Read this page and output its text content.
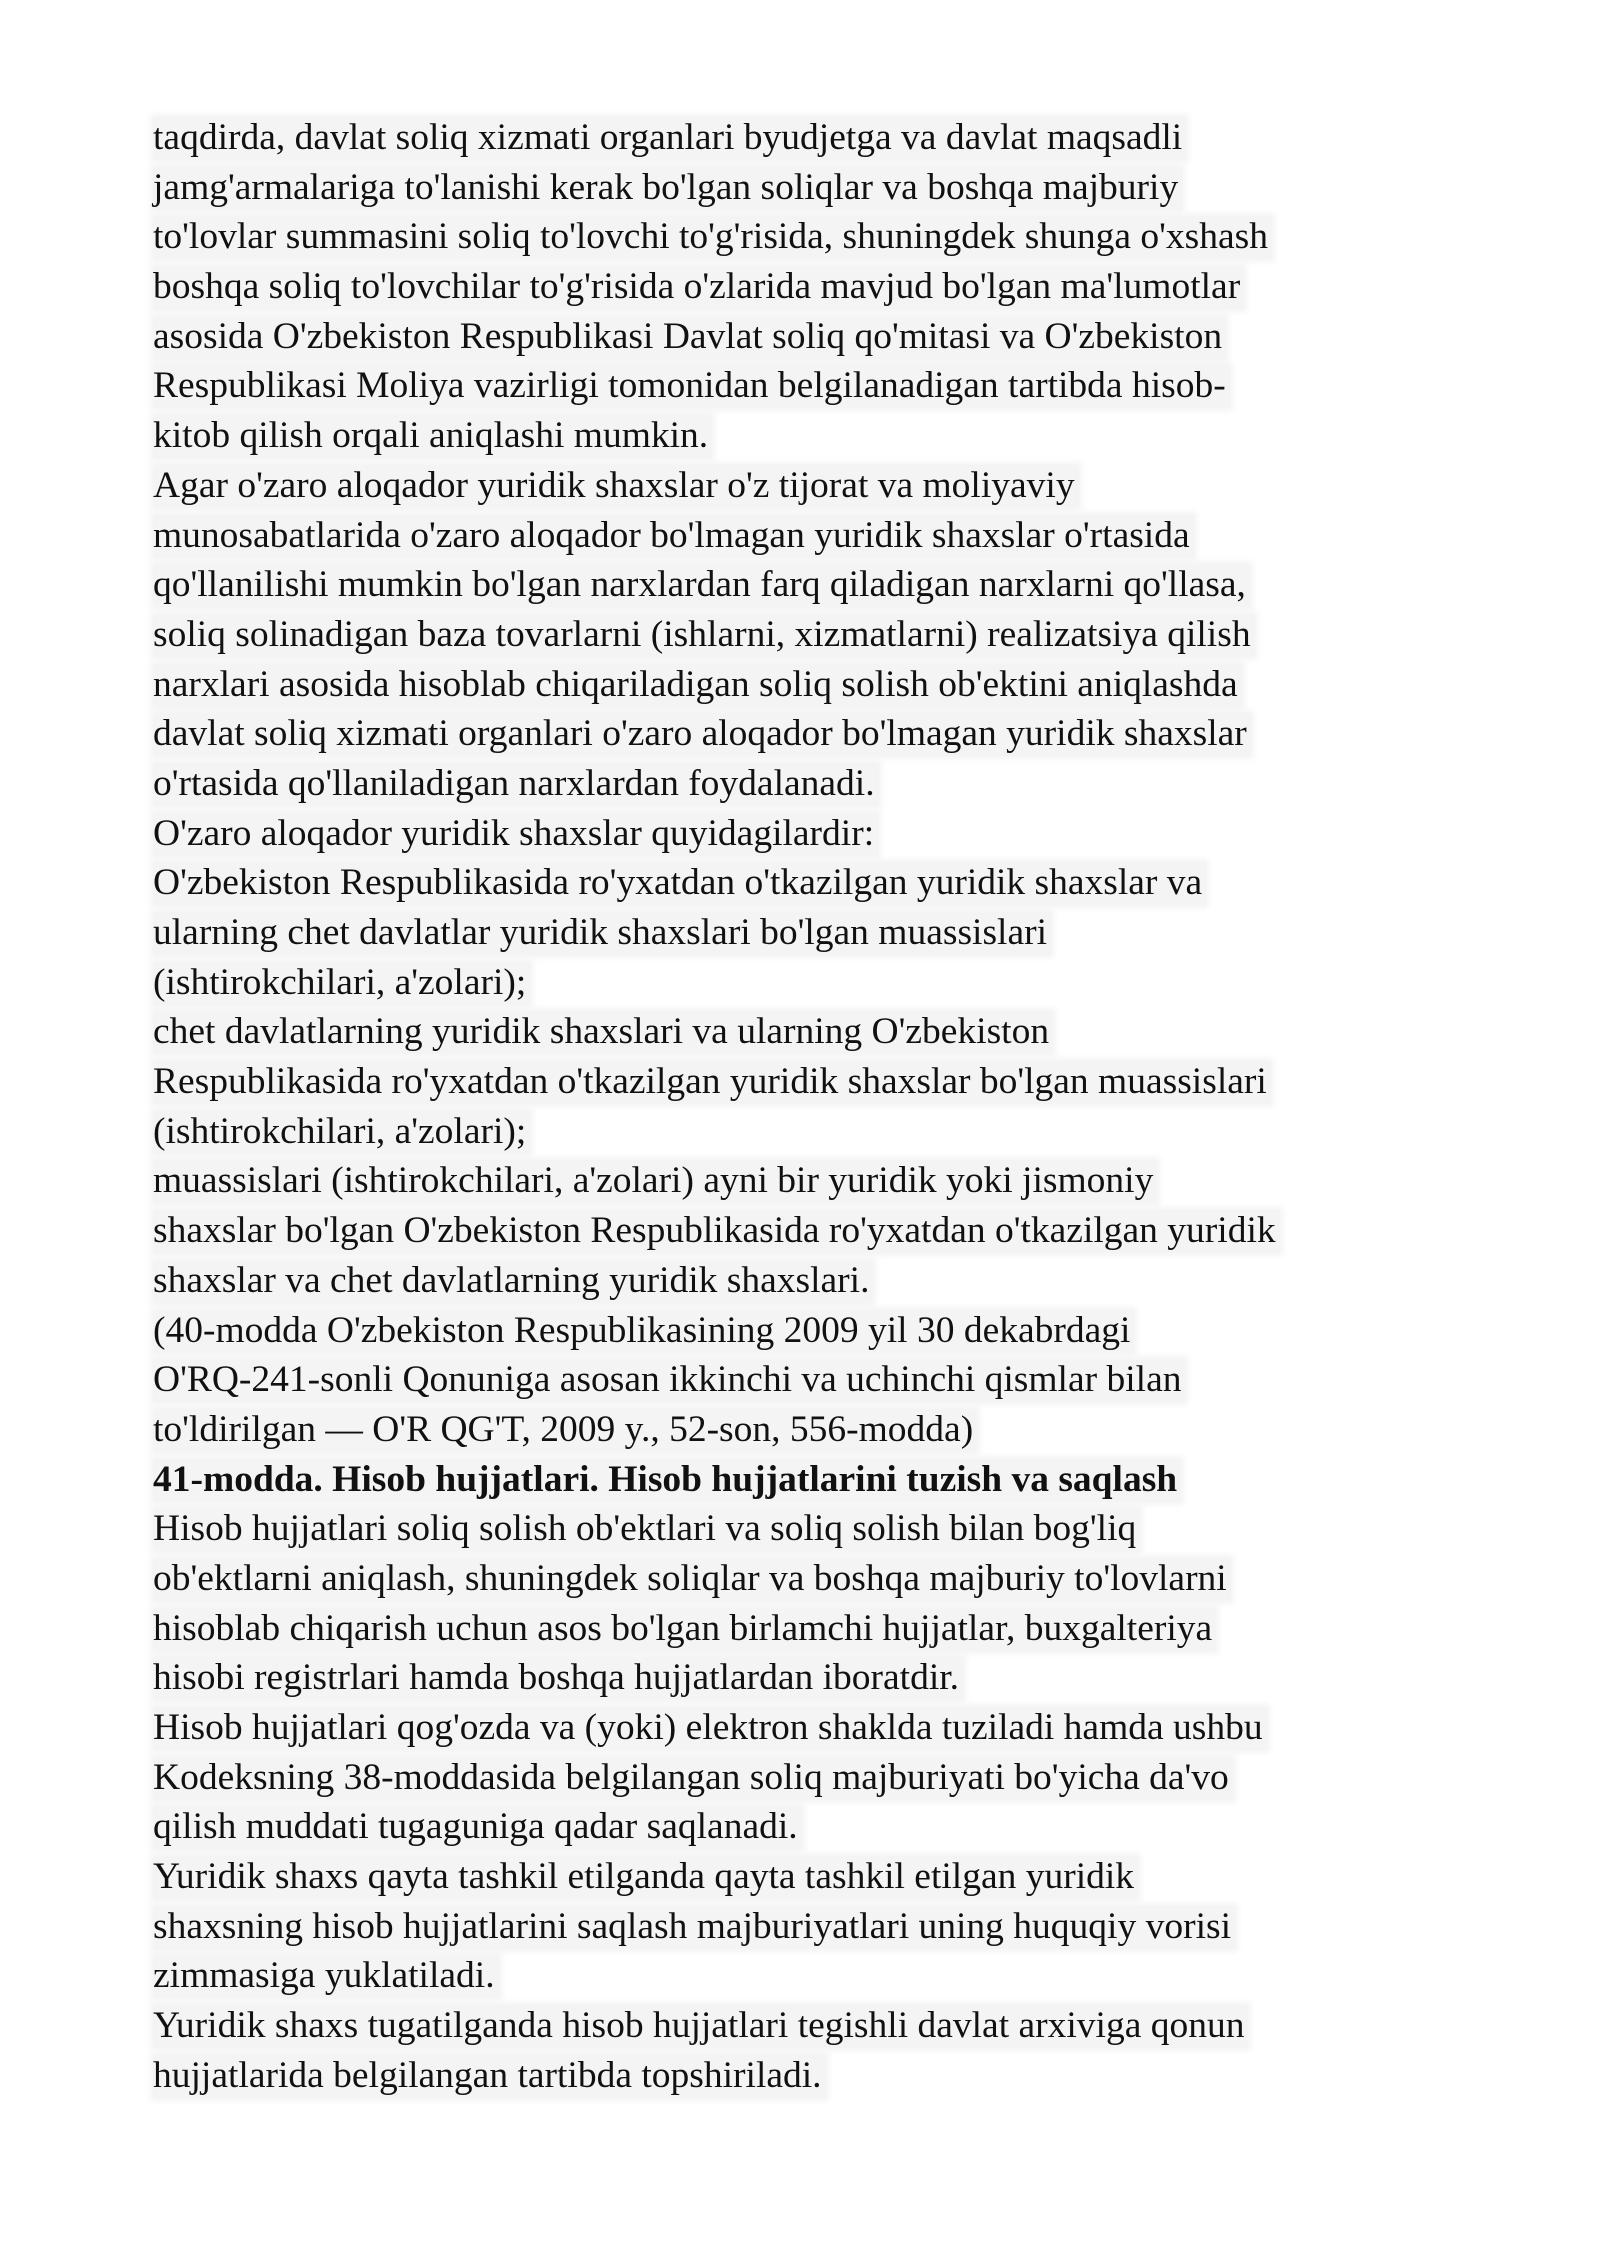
taqdirda, davlat soliq xizmati organlari byudjetga va davlat maqsadli
jamg'armalariga to'lanishi kerak bo'lgan soliqlar va boshqa majburiy
to'lovlar summasini soliq to'lovchi to'g'risida, shuningdek shunga o'xshash
boshqa soliq to'lovchilar to'g'risida o'zlarida mavjud bo'lgan ma'lumotlar
asosida O'zbekiston Respublikasi Davlat soliq qo'mitasi va O'zbekiston
Respublikasi Moliya vazirligi tomonidan belgilanadigan tartibda hisob-
kitob qilish orqali aniqlashi mumkin.
Agar o'zaro aloqador yuridik shaxslar o'z tijorat va moliyaviy
munosabatlarida o'zaro aloqador bo'lmagan yuridik shaxslar o'rtasida
qo'llanilishi mumkin bo'lgan narxlardan farq qiladigan narxlarni qo'llasa,
soliq solinadigan baza tovarlarni (ishlarni, xizmatlarni) realizatsiya qilish
narxlari asosida hisoblab chiqariladigan soliq solish ob'ektini aniqlashda
davlat soliq xizmati organlari o'zaro aloqador bo'lmagan yuridik shaxslar
o'rtasida qo'llaniladigan narxlardan foydalanadi.
O'zaro aloqador yuridik shaxslar quyidagilardir:
O'zbekiston Respublikasida ro'yxatdan o'tkazilgan yuridik shaxslar va
ularning chet davlatlar yuridik shaxslari bo'lgan muassislari
(ishtirokchilari, a'zolari);
chet davlatlarning yuridik shaxslari va ularning O'zbekiston
Respublikasida ro'yxatdan o'tkazilgan yuridik shaxslar bo'lgan muassislari
(ishtirokchilari, a'zolari);
muassislari (ishtirokchilari, a'zolari) ayni bir yuridik yoki jismoniy
shaxslar bo'lgan O'zbekiston Respublikasida ro'yxatdan o'tkazilgan yuridik
shaxslar va chet davlatlarning yuridik shaxslari.
(40-modda O'zbekiston Respublikasining 2009 yil 30 dekabrdagi
O'RQ-241-sonli Qonuniga asosan ikkinchi va uchinchi qismlar bilan
to'ldirilgan — O'R QG'T, 2009 y., 52-son, 556-modda)
41-modda. Hisob hujjatlari. Hisob hujjatlarini tuzish va saqlash
Hisob hujjatlari soliq solish ob'ektlari va soliq solish bilan bog'liq
ob'ektlarni aniqlash, shuningdek soliqlar va boshqa majburiy to'lovlarni
hisoblab chiqarish uchun asos bo'lgan birlamchi hujjatlar, buxgalteriya
hisobi registrlari hamda boshqa hujjatlardan iboratdir.
Hisob hujjatlari qog'ozda va (yoki) elektron shaklda tuziladi hamda ushbu
Kodeksning 38-moddasida belgilangan soliq majburiyati bo'yicha da'vo
qilish muddati tugaguniga qadar saqlanadi.
Yuridik shaxs qayta tashkil etilganda qayta tashkil etilgan yuridik
shaxsning hisob hujjatlarini saqlash majburiyatlari uning huquqiy vorisi
zimmasiga yuklatiladi.
Yuridik shaxs tugatilganda hisob hujjatlari tegishli davlat arxiviga qonun
hujjatlarida belgilangan tartibda topshiriladi.
